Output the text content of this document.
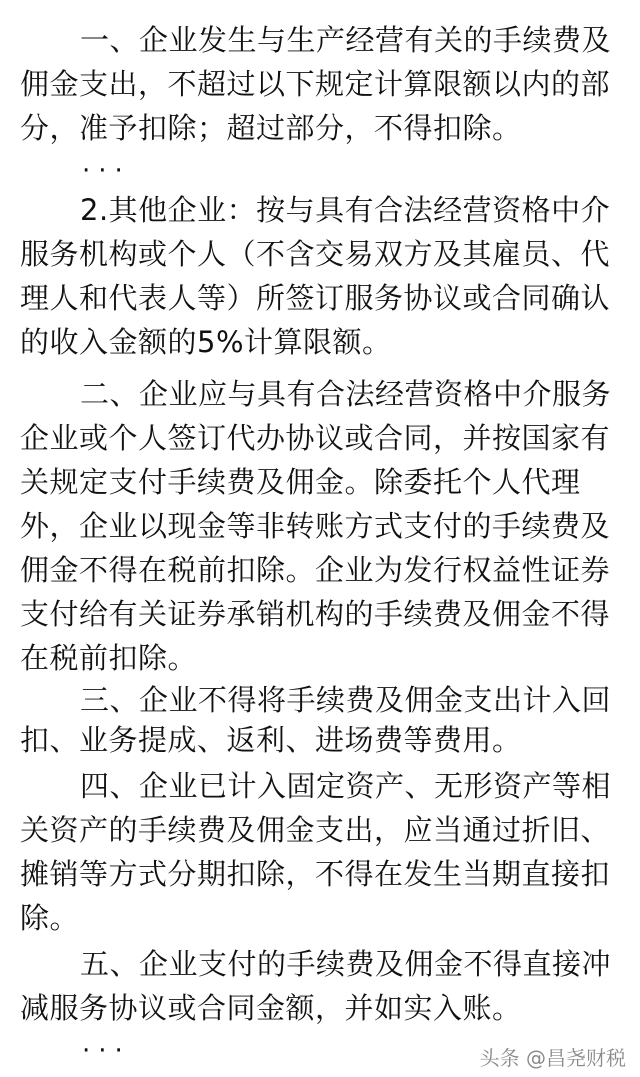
一、企业发生与生产经营有关的手续费及
佣金支出，不超过以下规定计算限额以内的部
分，准予扣除；超过部分，不得扣除。
···
2.其他企业：按与具有合法经营资格中介
服务机构或个人（不含交易双方及其雇员、代
理人和代表人等）所签订服务协议或合同确认
的收入金额的5%计算限额。
二、企业应与具有合法经营资格中介服务
企业或个人签订代办协议或合同，并按国家有
关规定支付手续费及佣金。除委托个人代理
外，企业以现金等非转账方式支付的手续费及
佣金不得在税前扣除。企业为发行权益性证券
支付给有关证券承销机构的手续费及佣金不得
在税前扣除。
三、企业不得将手续费及佣金支出计入回
扣、业务提成、返利、进场费等费用。
四、企业已计入固定资产、无形资产等相
关资产的手续费及佣金支出，应当通过折旧、
摊销等方式分期扣除，不得在发生当期直接扣
除。
五、企业支付的手续费及佣金不得直接冲
减服务协议或合同金额，并如实入账。
···	头条 @昌尧财税
